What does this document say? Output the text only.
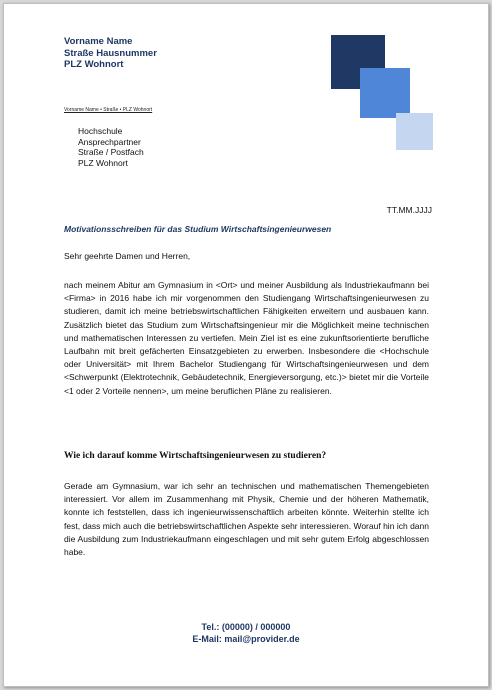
Vorname Name
Straße Hausnummer
PLZ Wohnort
Vorname Name • Straße • PLZ Wohnort
Hochschule
Ansprechpartner
Straße / Postfach
PLZ Wohnort
TT.MM.JJJJ
Motivationsschreiben für das Studium Wirtschaftsingenieurwesen
Sehr geehrte Damen und Herren,
nach meinem Abitur am Gymnasium in <Ort> und meiner Ausbildung als Industriekaufmann bei <Firma> in 2016 habe ich mir vorgenommen den Studiengang Wirtschaftsingenieurwesen zu studieren, damit ich meine betriebswirtschaftlichen Fähigkeiten erweitern und ausbauen kann. Zusätzlich bietet das Studium zum Wirtschaftsingenieur mir die Möglichkeit meine technischen und mathematischen Interessen zu vertiefen. Mein Ziel ist es eine zukunftsorientierte berufliche Laufbahn mit breit gefächerten Einsatzgebieten zu erwerben. Insbesondere die <Hochschule oder Universität> mit Ihrem Bachelor Studiengang für Wirtschaftsingenieurwesen und dem <Schwerpunkt (Elektrotechnik, Gebäudetechnik, Energieversorgung, etc.)> bietet mir die Vorteile <1 oder 2 Vorteile nennen>, um meine beruflichen Pläne zu realisieren.
Wie ich darauf komme Wirtschaftsingenieurwesen zu studieren?
Gerade am Gymnasium, war ich sehr an technischen und mathematischen Themengebieten interessiert. Vor allem im Zusammenhang mit Physik, Chemie und der höheren Mathematik, konnte ich feststellen, dass ich ingenieurwissenschaftlich arbeiten könnte. Weiterhin stellte ich fest, dass mich auch die betriebswirtschaftlichen Aspekte sehr interessieren. Worauf hin ich dann die Ausbildung zum Industriekaufmann eingeschlagen und mit sehr gutem Erfolg abgeschlossen habe.
Tel.: (00000) / 000000
E-Mail: mail@provider.de
